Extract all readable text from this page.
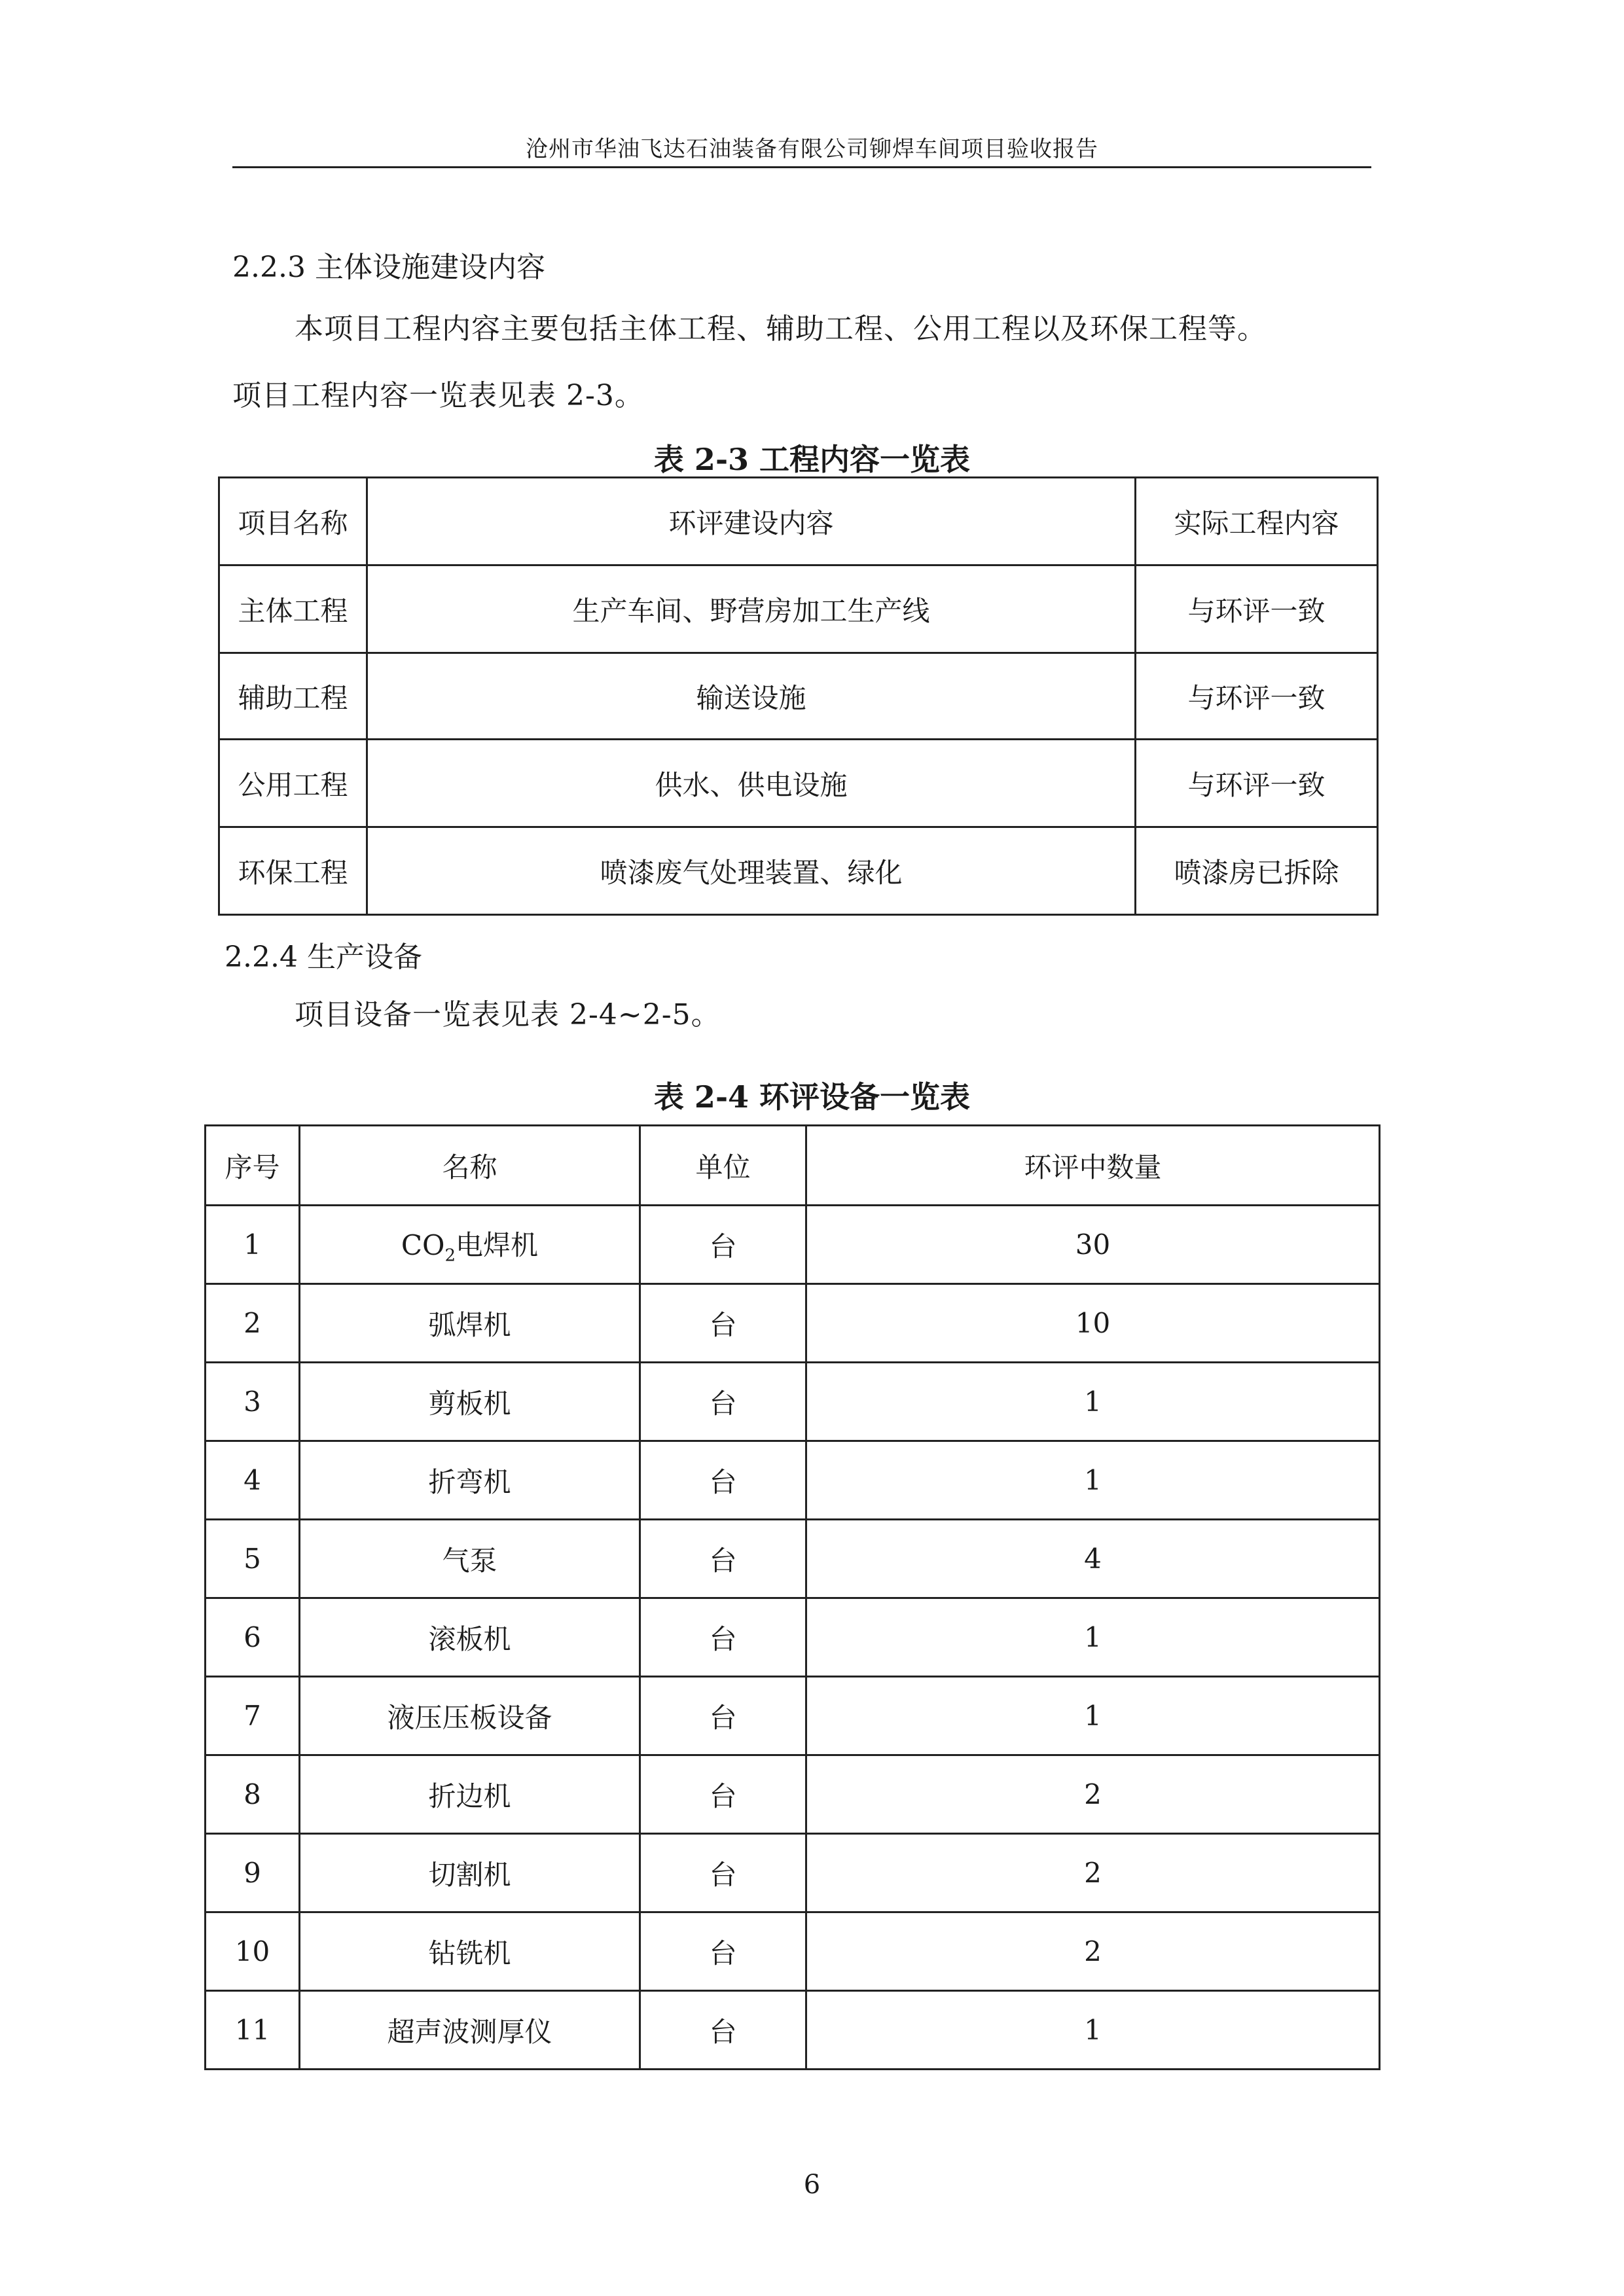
沧州市华油飞达石油装备有限公司铆焊车间项目验收报告
2.2.3 主体设施建设内容
本项目工程内容主要包括主体工程、辅助工程、公用工程以及环保工程等。
项目工程内容一览表见表 2-3。
表 2-3 工程内容一览表
项目名称	环评建设内容	实际工程内容
主体工程	生产车间、野营房加工生产线	与环评一致
辅助工程	输送设施	与环评一致
公用工程	供水、供电设施	与环评一致
环保工程	喷漆废气处理装置、绿化	喷漆房已拆除
2.2.4 生产设备
项目设备一览表见表 2-4~2-5。
表 2-4 环评设备一览表
序号	名称	单位	环评中数量
1	$CO_2$电焊机	台	30
2	弧焊机	台	10
3	剪板机	台	1
4	折弯机	台	1
5	气泵	台	4
6	滚板机	台	1
7	液压压板设备	台	1
8	折边机	台	2
9	切割机	台	2
10	钻铣机	台	2
11	超声波测厚仪	台	1
6
